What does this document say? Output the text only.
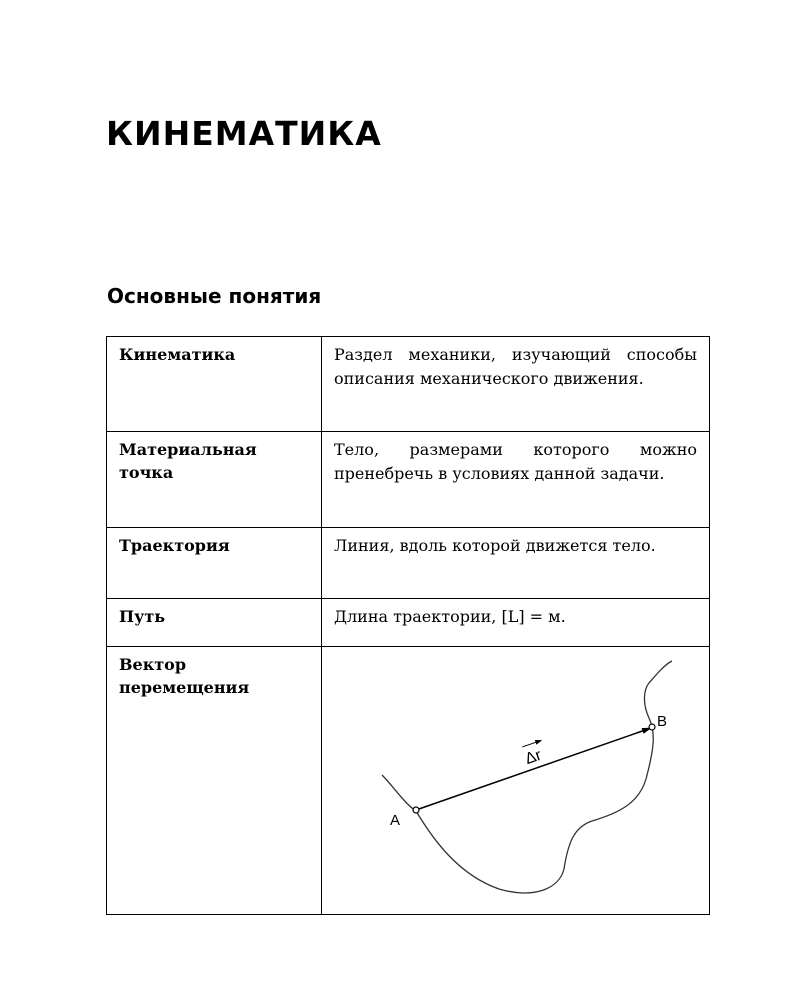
КИНЕМАТИКА
Основные понятия
Кинематика	Раздел механики, изучающий способы описания механического движения.
Материальная
точка	Тело, размерами которого можно пренебречь в условиях данной задачи.
Траектория	Линия, вдоль которой движется тело.
Путь	Длина траектории, [L] = м.
Вектор
перемещения	A
B
Δr
